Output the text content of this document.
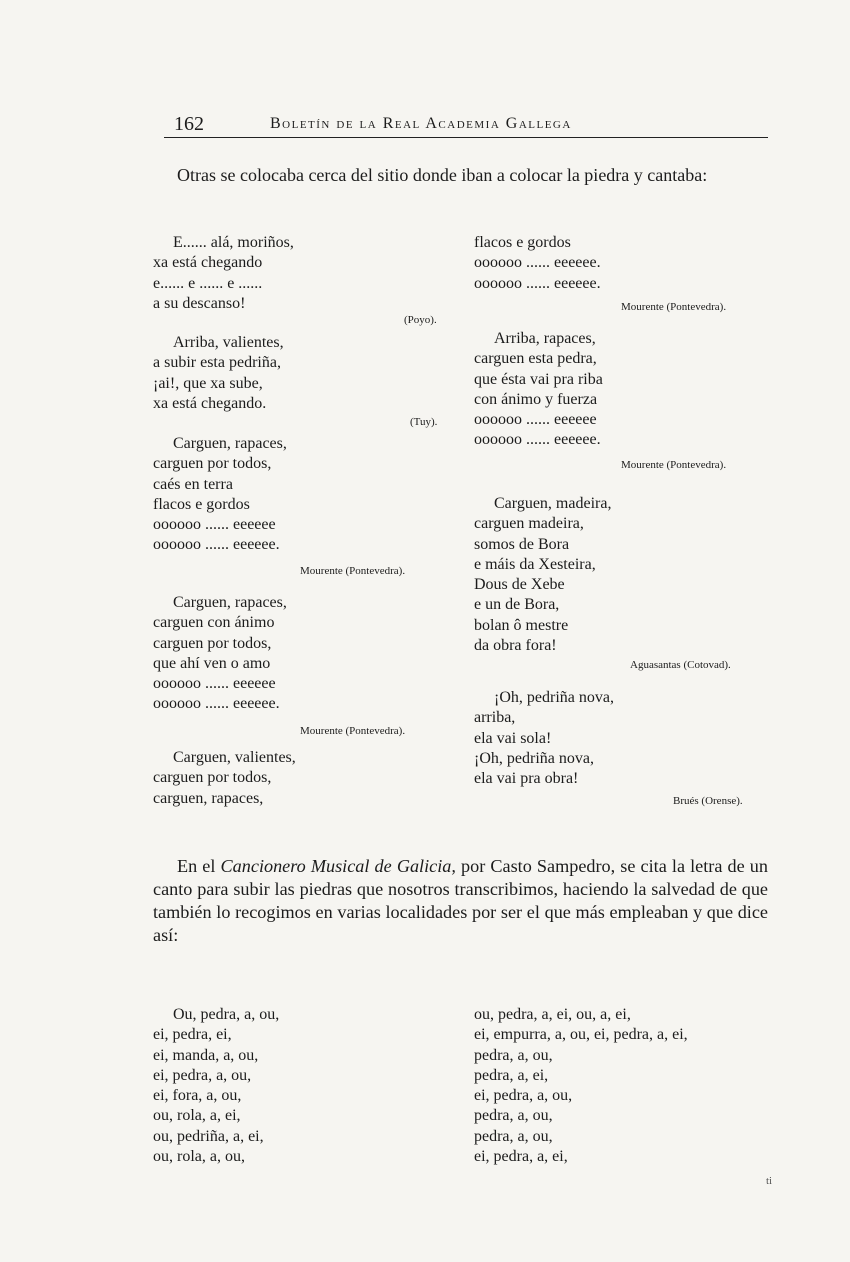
162	Boletín de la Real Academia Gallega
Otras se colocaba cerca del sitio donde iban a colocar la piedra y cantaba:
E...... alá, moriños,
xa está chegando
e...... e ...... e ......
a su descanso!
(Poyo).
Arriba, valientes,
a subir esta pedriña,
¡ai!, que xa sube,
xa está chegando.
(Tuy).
Carguen, rapaces,
carguen por todos,
caés en terra
flacos e gordos
oooooo ...... eeeeee
oooooo ...... eeeeee.
Mourente (Pontevedra).
Carguen, rapaces,
carguen con ánimo
carguen por todos,
que ahí ven o amo
oooooo ...... eeeeee
oooooo ...... eeeeee.
Mourente (Pontevedra).
Carguen, valientes,
carguen por todos,
carguen, rapaces,
flacos e gordos
oooooo ...... eeeeee.
oooooo ...... eeeeee.
Mourente (Pontevedra).
Arriba, rapaces,
carguen esta pedra,
que ésta vai pra riba
con ánimo y fuerza
oooooo ...... eeeeee
oooooo ...... eeeeee.
Mourente (Pontevedra).
Carguen, madeira,
carguen madeira,
somos de Bora
e máis da Xesteira,
Dous de Xebe
e un de Bora,
bolan ô mestre
da obra fora!
Aguasantas (Cotovad).
¡Oh, pedriña nova,
arriba,
ela vai sola!
¡Oh, pedriña nova,
ela vai pra obra!
Brués (Orense).
En el Cancionero Musical de Galicia, por Casto Sampedro, se cita la letra de un canto para subir las piedras que nosotros transcribimos, haciendo la salvedad de que también lo recogimos en varias localidades por ser el que más empleaban y que dice así:
Ou, pedra, a, ou,
ei, pedra, ei,
ei, manda, a, ou,
ei, pedra, a, ou,
ei, fora, a, ou,
ou, rola, a, ei,
ou, pedriña, a, ei,
ou, rola, a, ou,
ou, pedra, a, ei, ou, a, ei,
ei, empurra, a, ou, ei, pedra, a, ei,
pedra, a, ou,
pedra, a, ei,
ei, pedra, a, ou,
pedra, a, ou,
pedra, a, ou,
ei, pedra, a, ei,
ti
